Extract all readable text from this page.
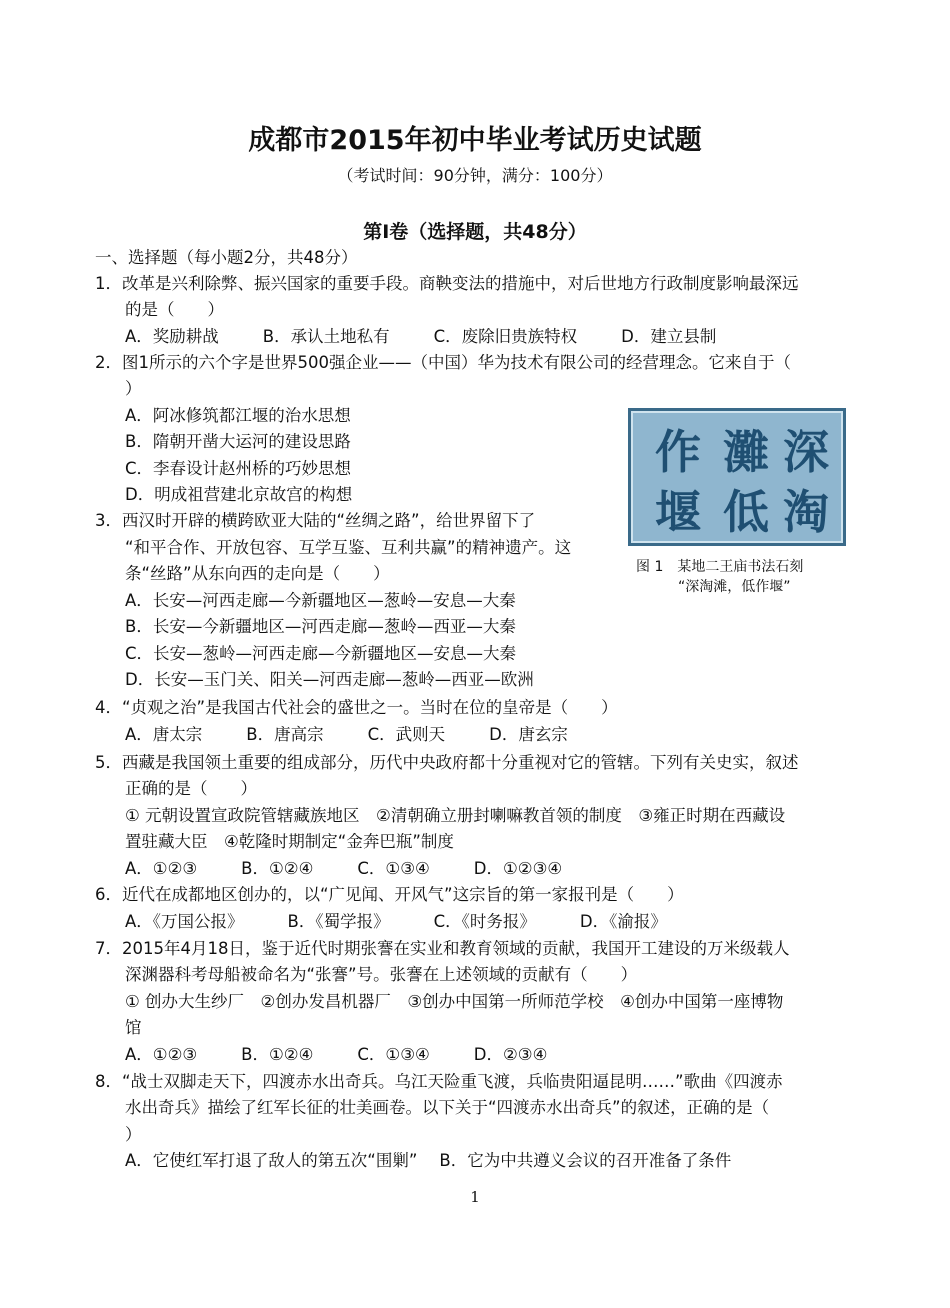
成都市2015年初中毕业考试历史试题
（考试时间：90分钟，满分：100分）
第Ⅰ卷（选择题，共48分）
一、选择题（每小题2分，共48分）
1．改革是兴利除弊、振兴国家的重要手段。商鞅变法的措施中，对后世地方行政制度影响最深远
的是（　　）
A．奖励耕战	B．承认土地私有	C．废除旧贵族特权	D．建立县制
2．图1所示的六个字是世界500强企业——（中国）华为技术有限公司的经营理念。它来自于（
）
A．阿冰修筑都江堰的治水思想
B．隋朝开凿大运河的建设思路
C．李春设计赵州桥的巧妙思想
D．明成祖营建北京故宫的构想
深
灘
作
淘
低
堰
图 1　某地二王庙书法石刻
“深淘滩，低作堰”
3．西汉时开辟的横跨欧亚大陆的“丝绸之路”，给世界留下了
“和平合作、开放包容、互学互鉴、互利共赢”的精神遗产。这
条“丝路”从东向西的走向是（　　）
A．长安—河西走廊—今新疆地区—葱岭—安息—大秦
B．长安—今新疆地区—河西走廊—葱岭—西亚—大秦
C．长安—葱岭—河西走廊—今新疆地区—安息—大秦
D．长安—玉门关、阳关—河西走廊—葱岭—西亚—欧洲
4．“贞观之治”是我国古代社会的盛世之一。当时在位的皇帝是（　　）
A．唐太宗	B．唐高宗	C．武则天	D．唐玄宗
5．西藏是我国领土重要的组成部分，历代中央政府都十分重视对它的管辖。下列有关史实，叙述
正确的是（　　）
① 元朝设置宣政院管辖藏族地区　②清朝确立册封喇嘛教首领的制度　③雍正时期在西藏设
置驻藏大臣　④乾隆时期制定“金奔巴瓶”制度
A．①②③	B．①②④	C．①③④	D．①②③④
6．近代在成都地区创办的，以“广见闻、开风气”这宗旨的第一家报刊是（　　）
A．《万国公报》	B．《蜀学报》	C．《时务报》	D．《渝报》
7．2015年4月18日，鉴于近代时期张謇在实业和教育领域的贡献，我国开工建设的万米级载人
深渊器科考母船被命名为“张謇”号。张謇在上述领域的贡献有（　　）
① 创办大生纱厂　②创办发昌机器厂　③创办中国第一所师范学校　④创办中国第一座博物
馆
A．①②③	B．①②④	C．①③④	D．②③④
8．“战士双脚走天下，四渡赤水出奇兵。乌江天险重飞渡，兵临贵阳逼昆明……”歌曲《四渡赤
水出奇兵》描绘了红军长征的壮美画卷。以下关于“四渡赤水出奇兵”的叙述，正确的是（
）
A．它使红军打退了敌人的第五次“围剿” B．它为中共遵义会议的召开准备了条件
1
